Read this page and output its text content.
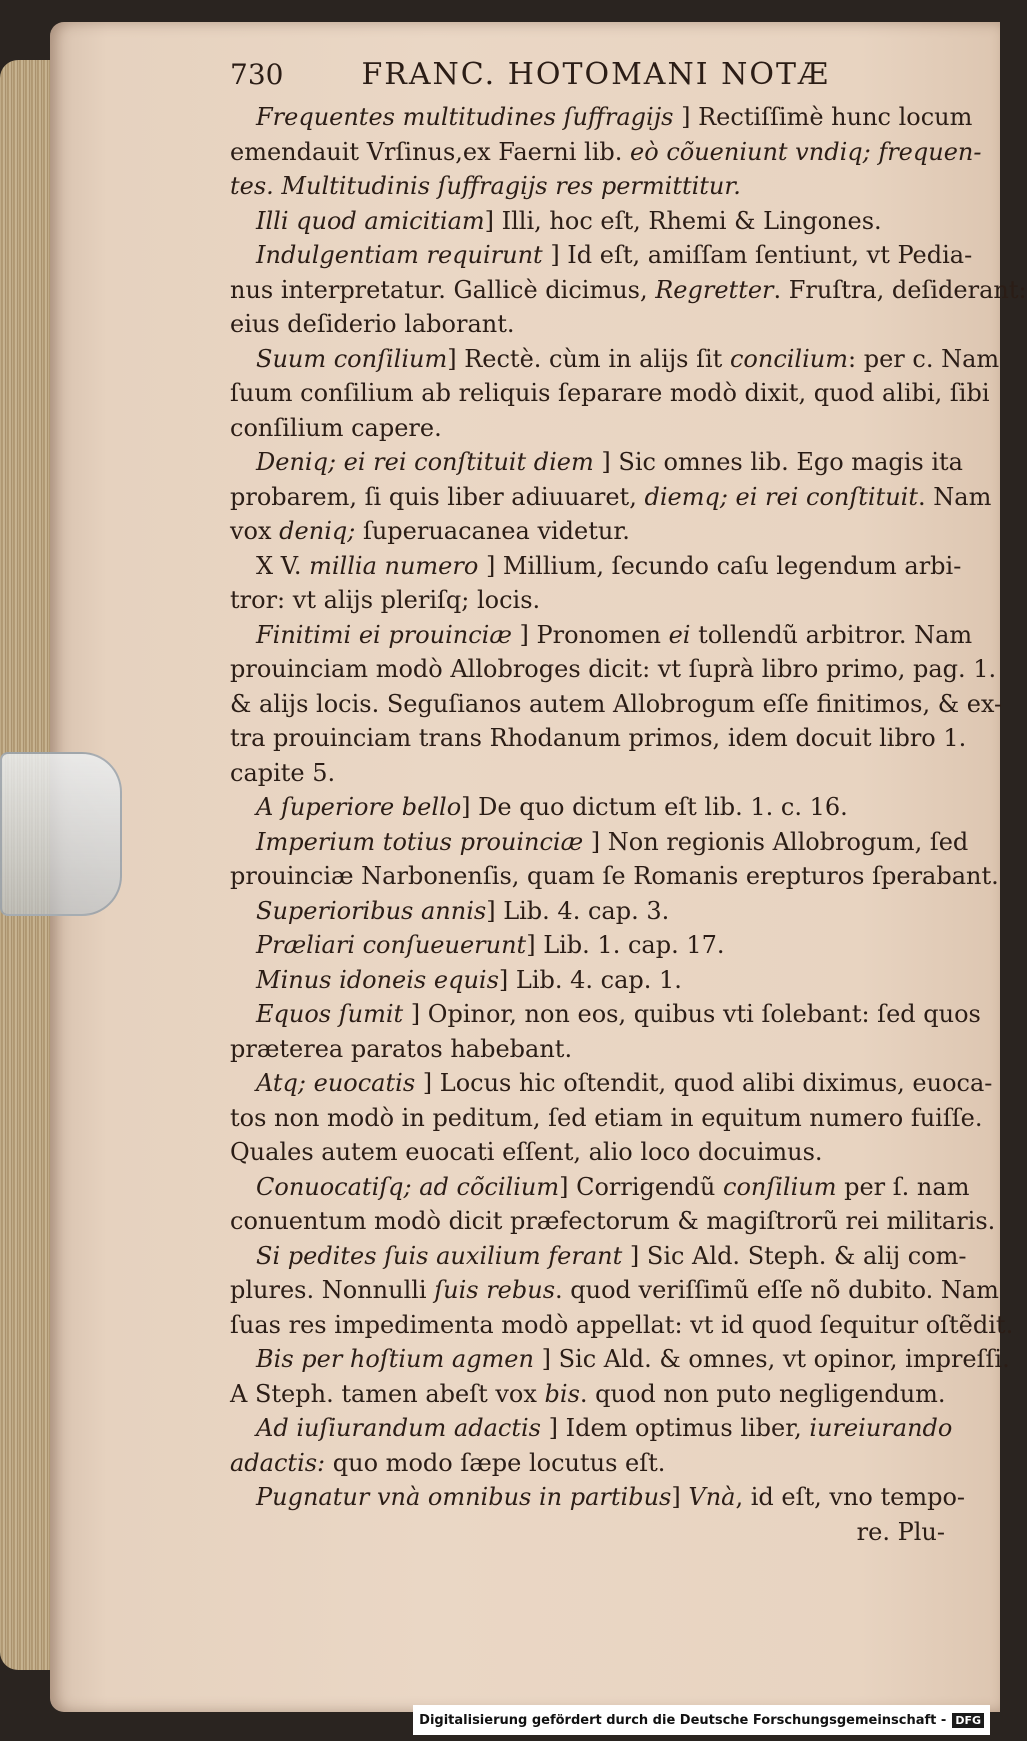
730	FRANC. HOTOMANI NOTÆ
Frequentes multitudines ſuffragijs ] Rectiſſimè hunc locum
emendauit Vrſinus,ex Faerni lib. eò cõueniunt vndiq; frequen-
tes. Multitudinis ſuffragijs res permittitur.
Illi quod amicitiam] Illi, hoc eſt, Rhemi & Lingones.
Indulgentiam requirunt ] Id eſt, amiſſam ſentiunt, vt Pedia-
nus interpretatur. Gallicè dicimus, Regretter. Fruſtra, deſiderant:
eius deſiderio laborant.
Suum conſilium] Rectè. cùm in alijs ſit concilium: per c. Nam
ſuum conſilium ab reliquis ſeparare modò dixit, quod alibi, ſibi
conſilium capere.
Deniq; ei rei conſtituit diem ] Sic omnes lib. Ego magis ita
probarem, ſi quis liber adiuuaret, diemq; ei rei conſtituit. Nam
vox deniq; ſuperuacanea videtur.
X V. millia numero ] Millium, ſecundo caſu legendum arbi-
tror: vt alijs pleriſq; locis.
Finitimi ei prouinciæ ] Pronomen ei tollendũ arbitror. Nam
prouinciam modò Allobroges dicit: vt ſuprà libro primo, pag. 1.
& alijs locis. Seguſianos autem Allobrogum eſſe finitimos, & ex-
tra prouinciam trans Rhodanum primos, idem docuit libro 1.
capite 5.
A ſuperiore bello] De quo dictum eſt lib. 1. c. 16.
Imperium totius prouinciæ ] Non regionis Allobrogum, ſed
prouinciæ Narbonenſis, quam ſe Romanis erepturos ſperabant.
Superioribus annis] Lib. 4. cap. 3.
Præliari conſueuerunt] Lib. 1. cap. 17.
Minus idoneis equis] Lib. 4. cap. 1.
Equos ſumit ] Opinor, non eos, quibus vti ſolebant: ſed quos
præterea paratos habebant.
Atq; euocatis ] Locus hic oſtendit, quod alibi diximus, euoca-
tos non modò in peditum, ſed etiam in equitum numero fuiſſe.
Quales autem euocati eſſent, alio loco docuimus.
Conuocatiſq; ad cõcilium] Corrigendũ conſilium per ſ. nam
conuentum modò dicit præfectorum & magiſtrorũ rei militaris.
Si pedites ſuis auxilium ferant ] Sic Ald. Steph. & alij com-
plures. Nonnulli ſuis rebus. quod veriſſimũ eſſe nõ dubito. Nam
ſuas res impedimenta modò appellat: vt id quod ſequitur oſtẽdit.
Bis per hoſtium agmen ] Sic Ald. & omnes, vt opinor, impreſſi.
A Steph. tamen abeſt vox bis. quod non puto negligendum.
Ad iuſiurandum adactis ] Idem optimus liber, iureiurando
adactis: quo modo ſæpe locutus eſt.
Pugnatur vnà omnibus in partibus] Vnà, id eſt, vno tempo-
re. Plu-
Digitalisierung gefördert durch die Deutsche Forschungsgemeinschaft - DFG
